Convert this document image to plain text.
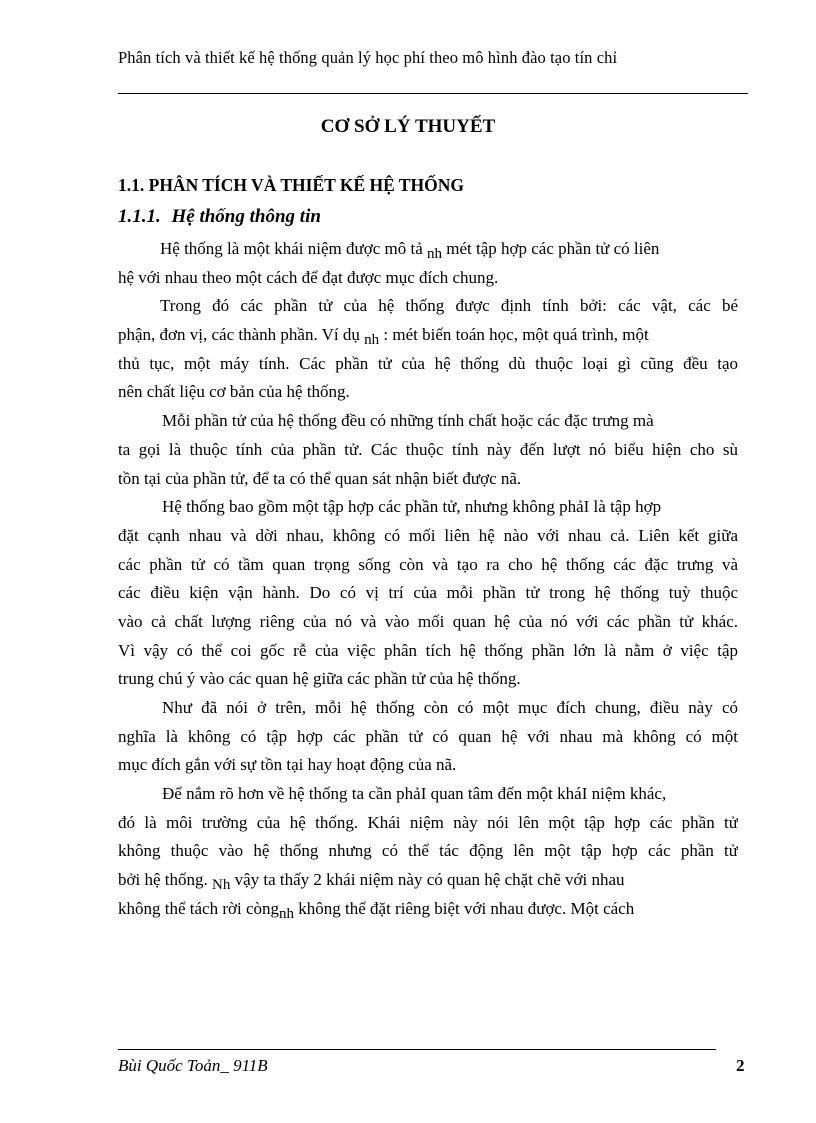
Phân tích và thiết kế hệ thống quản lý học phí theo mô hình đào tạo tín chỉ
CƠ SỞ LÝ THUYẾT
1.1. PHÂN TÍCH VÀ THIẾT KẾ HỆ THỐNG
1.1.1. Hệ thống thông tin
Hệ thống là một khái niệm được mô tả nh mét tập hợp các phần tử có liên
hệ với nhau theo một cách để đạt được mục đích chung.
Trong đó các phần tử của hệ thống được định tính bởi: các vật, các bé
phận, đơn vị, các thành phần. Ví dụ nh : mét biến toán học, một quá trình, một
thủ tục, một máy tính. Các phần tử của hệ thống dù thuộc loại gì cũng đều tạo
nên chất liệu cơ bản của hệ thống.
Mỗi phần tử của hệ thống đều có những tính chất hoặc các đặc trưng mà
ta gọi là thuộc tính của phần tử. Các thuộc tính này đến lượt nó biểu hiện cho sù
tồn tại của phần tử, để ta có thể quan sát nhận biết được nã.
Hệ thống bao gồm một tập hợp các phần tử, nhưng không phảI là tập hợp
đặt cạnh nhau và dời nhau, không có mối liên hệ nào với nhau cả. Liên kết giữa
các phần tử có tầm quan trọng sống còn và tạo ra cho hệ thống các đặc trưng và
các điều kiện vận hành. Do có vị trí của mỗi phần tử trong hệ thống tuỳ thuộc
vào cả chất lượng riêng của nó và vào mối quan hệ của nó với các phần tử khác.
Vì vậy có thể coi gốc rễ của việc phân tích hệ thống phần lớn là nằm ở việc tập
trung chú ý vào các quan hệ giữa các phần tử của hệ thống.
Như đã nói ở trên, mỗi hệ thống còn có một mục đích chung, điều này có
nghĩa là không có tập hợp các phần tử có quan hệ với nhau mà không có một
mục đích gắn với sự tồn tại hay hoạt động của nã.
Để nắm rõ hơn về hệ thống ta cần phảI quan tâm đến một kháI niệm khác,
đó là môi trường của hệ thống. Khái niệm này nói lên một tập hợp các phần tử
không thuộc vào hệ thống nhưng có thể tác động lên một tập hợp các phần tử
bởi hệ thống. Nh vậy ta thấy 2 khái niệm này có quan hệ chặt chẽ với nhau
không thể tách rời còngnh không thể đặt riêng biệt với nhau được. Một cách
Bùi Quốc Toản_ 911B	2
